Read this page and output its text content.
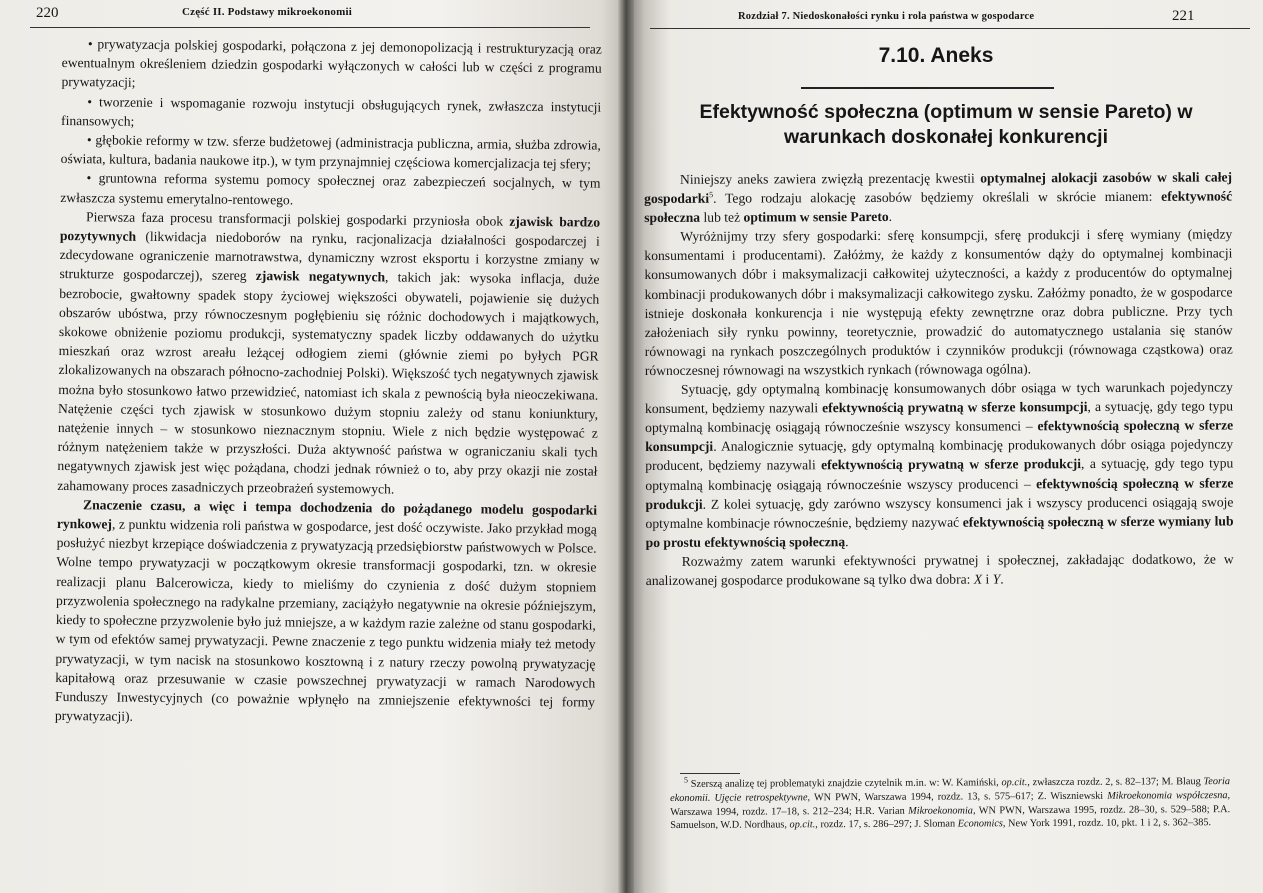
220	Część II. Podstawy mikroekonomii

• prywatyzacja polskiej gospodarki, połączona z jej demonopolizacją i restrukturyzacją oraz ewentualnym określeniem dziedzin gospodarki wyłączonych w całości lub w części z programu prywatyzacji;

• tworzenie i wspomaganie rozwoju instytucji obsługujących rynek, zwłaszcza instytucji finansowych;

• głębokie reformy w tzw. sferze budżetowej (administracja publiczna, armia, służba zdrowia, oświata, kultura, badania naukowe itp.), w tym przynajmniej częściowa komercjalizacja tej sfery;

• gruntowna reforma systemu pomocy społecznej oraz zabezpieczeń socjalnych, w tym zwłaszcza systemu emerytalno-rentowego.

Pierwsza faza procesu transformacji polskiej gospodarki przyniosła obok zjawisk bardzo pozytywnych (likwidacja niedoborów na rynku, racjonalizacja działalności gospodarczej i zdecydowane ograniczenie marnotrawstwa, dynamiczny wzrost eksportu i korzystne zmiany w strukturze gospodarczej), szereg zjawisk negatywnych, takich jak: wysoka inflacja, duże bezrobocie, gwałtowny spadek stopy życiowej większości obywateli, pojawienie się dużych obszarów ubóstwa, przy równoczesnym pogłębieniu się różnic dochodowych i majątkowych, skokowe obniżenie poziomu produkcji, systematyczny spadek liczby oddawanych do użytku mieszkań oraz wzrost areału leżącej odłogiem ziemi (głównie ziemi po byłych PGR zlokalizowanych na obszarach północno-zachodniej Polski). Większość tych negatywnych zjawisk można było stosunkowo łatwo przewidzieć, natomiast ich skala z pewnością była nieoczekiwana. Natężenie części tych zjawisk w stosunkowo dużym stopniu zależy od stanu koniunktury, natężenie innych – w stosunkowo nieznacznym stopniu. Wiele z nich będzie występować z różnym natężeniem także w przyszłości. Duża aktywność państwa w ograniczaniu skali tych negatywnych zjawisk jest więc pożądana, chodzi jednak również o to, aby przy okazji nie został zahamowany proces zasadniczych przeobrażeń systemowych.

Znaczenie czasu, a więc i tempa dochodzenia do pożądanego modelu gospodarki rynkowej, z punktu widzenia roli państwa w gospodarce, jest dość oczywiste. Jako przykład mogą posłużyć niezbyt krzepiące doświadczenia z prywatyzacją przedsiębiorstw państwowych w Polsce. Wolne tempo prywatyzacji w początkowym okresie transformacji gospodarki, tzn. w okresie realizacji planu Balcerowicza, kiedy to mieliśmy do czynienia z dość dużym stopniem przyzwolenia społecznego na radykalne przemiany, zaciążyło negatywnie na okresie późniejszym, kiedy to społeczne przyzwolenie było już mniejsze, a w każdym razie zależne od stanu gospodarki, w tym od efektów samej prywatyzacji. Pewne znaczenie z tego punktu widzenia miały też metody prywatyzacji, w tym nacisk na stosunkowo kosztowną i z natury rzeczy powolną prywatyzację kapitałową oraz przesuwanie w czasie powszechnej prywatyzacji w ramach Narodowych Funduszy Inwestycyjnych (co poważnie wpłynęło na zmniejszenie efektywności tej formy prywatyzacji).

Rozdział 7. Niedoskonałości rynku i rola państwa w gospodarce	221
7.10. Aneks
Efektywność społeczna (optimum w sensie Pareto) w warunkach doskonałej konkurencji

Niniejszy aneks zawiera zwięzłą prezentację kwestii optymalnej alokacji zasobów w skali całej gospodarki$^5$. Tego rodzaju alokację zasobów będziemy określali w skrócie mianem: efektywność społeczna lub też optimum w sensie Pareto.

Wyróżnijmy trzy sfery gospodarki: sferę konsumpcji, sferę produkcji i sferę wymiany (między konsumentami i producentami). Załóżmy, że każdy z konsumentów dąży do optymalnej kombinacji konsumowanych dóbr i maksymalizacji całkowitej użyteczności, a każdy z producentów do optymalnej kombinacji produkowanych dóbr i maksymalizacji całkowitego zysku. Załóżmy ponadto, że w gospodarce istnieje doskonała konkurencja i nie występują efekty zewnętrzne oraz dobra publiczne. Przy tych założeniach siły rynku powinny, teoretycznie, prowadzić do automatycznego ustalania się stanów równowagi na rynkach poszczególnych produktów i czynników produkcji (równowaga cząstkowa) oraz równoczesnej równowagi na wszystkich rynkach (równowaga ogólna).

Sytuację, gdy optymalną kombinację konsumowanych dóbr osiąga w tych warunkach pojedynczy konsument, będziemy nazywali efektywnością prywatną w sferze konsumpcji, a sytuację, gdy tego typu optymalną kombinację osiągają równocześnie wszyscy konsumenci – efektywnością społeczną w sferze konsumpcji. Analogicznie sytuację, gdy optymalną kombinację produkowanych dóbr osiąga pojedynczy producent, będziemy nazywali efektywnością prywatną w sferze produkcji, a sytuację, gdy tego typu optymalną kombinację osiągają równocześnie wszyscy producenci – efektywnością społeczną w sferze produkcji. Z kolei sytuację, gdy zarówno wszyscy konsumenci jak i wszyscy producenci osiągają swoje optymalne kombinacje równocześnie, będziemy nazywać efektywnością społeczną w sferze wymiany lub po prostu efektywnością społeczną.

Rozważmy zatem warunki efektywności prywatnej i społecznej, zakładając dodatkowo, że w analizowanej gospodarce produkowane są tylko dwa dobra: X i Y.

$^5$ Szerszą analizę tej problematyki znajdzie czytelnik m.in. w: W. Kamiński, op.cit., zwłaszcza rozdz. 2, s. 82–137; M. Blaug Teoria ekonomii. Ujęcie retrospektywne, WN PWN, Warszawa 1994, rozdz. 13, s. 575–617; Z. Wiszniewski Mikroekonomia współczesna, Warszawa 1994, rozdz. 17–18, s. 212–234; H.R. Varian Mikroekonomia, WN PWN, Warszawa 1995, rozdz. 28–30, s. 529–588; P.A. Samuelson, W.D. Nordhaus, op.cit., rozdz. 17, s. 286–297; J. Sloman Economics, New York 1991, rozdz. 10, pkt. 1 i 2, s. 362–385.
